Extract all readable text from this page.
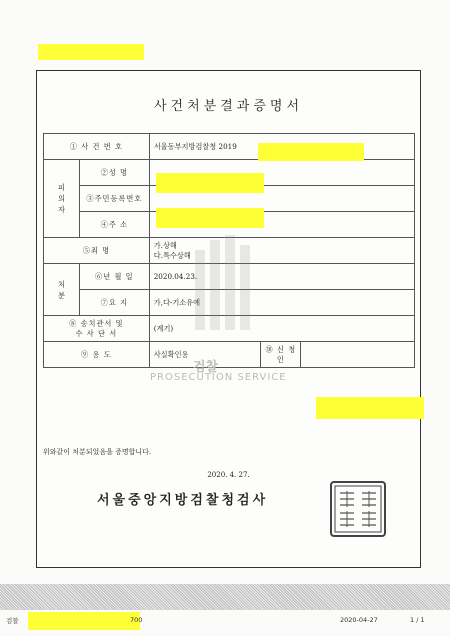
사건처분결과증명서
① 사 건 번 호		서울동부지방검찰청 2019		
피
의
자	②성 명			
	③주민등록번호			
	④주 소			
⑤죄 명		가.상해
다.특수상해		

처
분	⑥년 월 일	2020.04.23.		
	⑦요 지	가,다-기소유예		

⑧ 송치관서 및
수 사 단 서		(계기)		
⑨ 용 도		사실확인용	⑩ 신 청 인	
위와같이 처분되었음을 증명합니다.
2020. 4. 27.
서울중앙지방검찰청검사
검찰
PROSECUTION SERVICE
검찰	700	2020-04-27	1 / 1
